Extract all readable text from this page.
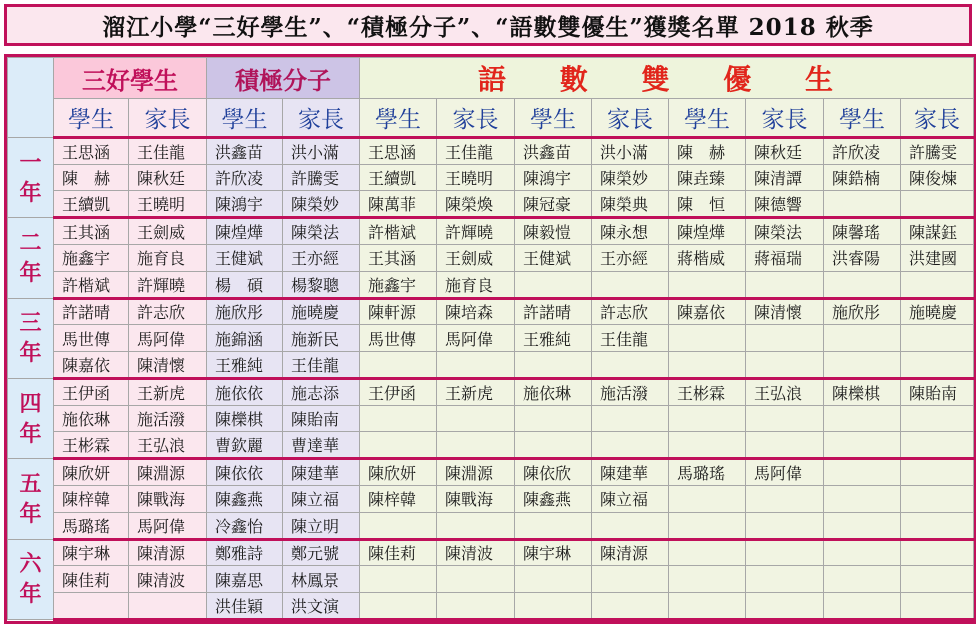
溜江小學“三好學生”、“積極分子”、“語數雙優生”獲獎名單 2018 秋季
	三好學生		積極分子		語 數 雙 優 生							
	學生	家長	學生	家長	學生	家長	學生	家長	學生	家長	學生	家長

一
年	王思涵	王佳龍	洪鑫苗	洪小滿	王思涵	王佳龍	洪鑫苗	洪小滿	陳　赫	陳秋廷	許欣凌	許騰雯
	陳　赫	陳秋廷	許欣凌	許騰雯	王續凱	王曉明	陳鴻宇	陳榮妙	陳垚臻	陳清譚	陳鋯楠	陳俊煉
	王續凱	王曉明	陳鴻宇	陳榮妙	陳萬菲	陳榮煥	陳冠豪	陳榮典	陳　恒	陳德響		

二
年	王其涵	王劍威	陳煌燁	陳榮法	許楷斌	許輝曉	陳毅愷	陳永想	陳煌燁	陳榮法	陳馨瑤	陳謀鈺
	施鑫宇	施育良	王健斌	王亦經	王其涵	王劍威	王健斌	王亦經	蔣楷威	蔣福瑞	洪睿陽	洪建國
	許楷斌	許輝曉	楊　碩	楊黎聰	施鑫宇	施育良						

三
年	許諾晴	許志欣	施欣彤	施曉慶	陳軒源	陳培森	許諾晴	許志欣	陳嘉依	陳清懷	施欣彤	施曉慶
	馬世傳	馬阿偉	施錦涵	施新民	馬世傳	馬阿偉	王雅純	王佳龍				
	陳嘉依	陳清懷	王雅純	王佳龍								

四
年	王伊函	王新虎	施依依	施志添	王伊函	王新虎	施依琳	施活潑	王彬霖	王弘浪	陳櫟棋	陳貽南
	施依琳	施活潑	陳櫟棋	陳貽南								
	王彬霖	王弘浪	曹欽麗	曹達華								

五
年	陳欣妍	陳淵源	陳依依	陳建華	陳欣妍	陳淵源	陳依欣	陳建華	馬璐瑤	馬阿偉		
	陳梓韓	陳戰海	陳鑫燕	陳立福	陳梓韓	陳戰海	陳鑫燕	陳立福				
	馬璐瑤	馬阿偉	冷鑫怡	陳立明								

六
年	陳宇琳	陳清源	鄭雅詩	鄭元號	陳佳莉	陳清波	陳宇琳	陳清源				
	陳佳莉	陳清波	陳嘉思	林鳳景								
			洪佳穎	洪文演								
